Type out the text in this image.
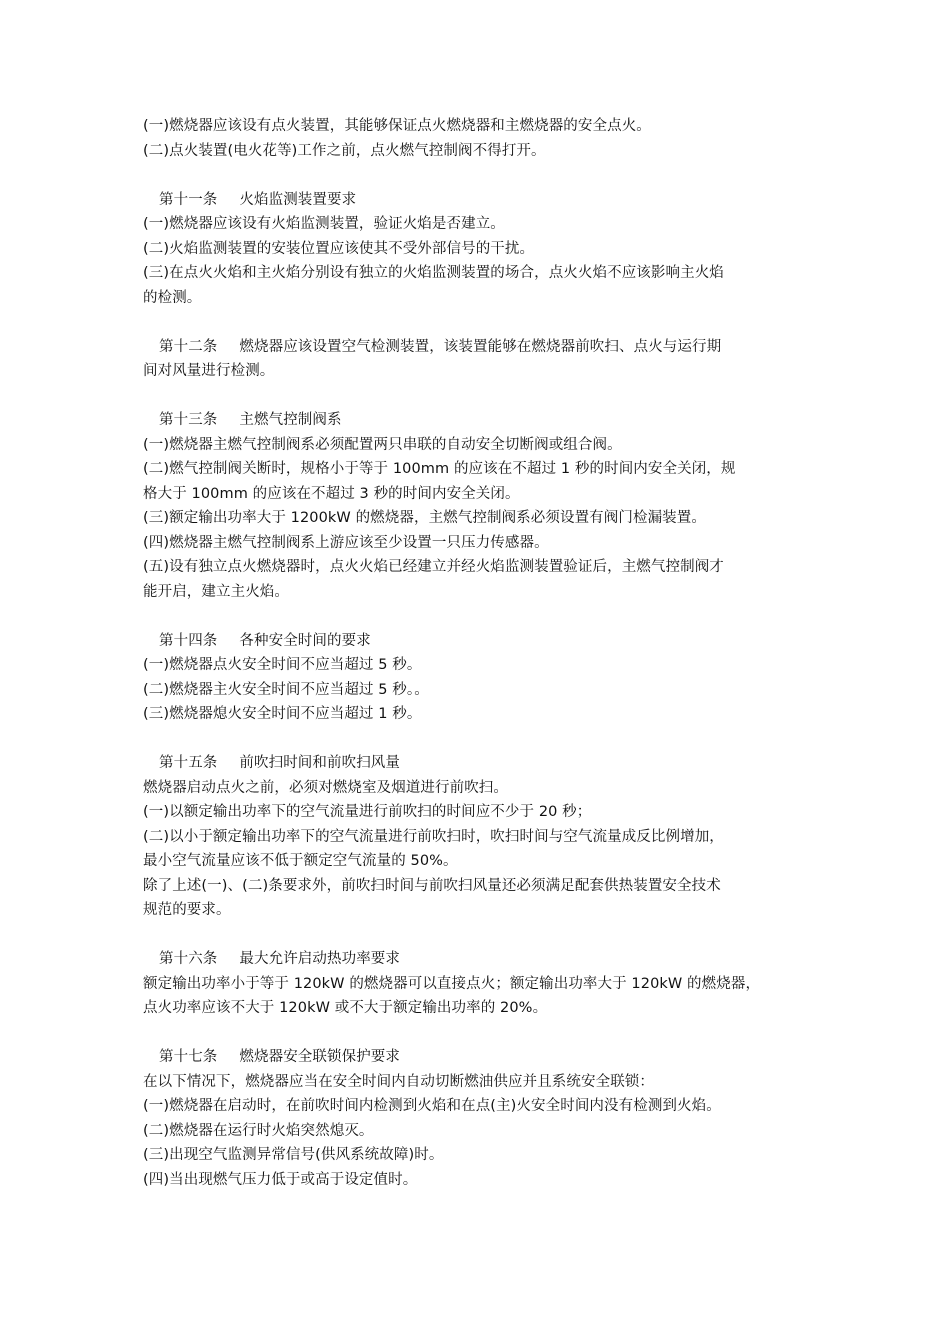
(一)燃烧器应该设有点火装置，其能够保证点火燃烧器和主燃烧器的安全点火。
(二)点火装置(电火花等)工作之前，点火燃气控制阀不得打开。
第十一条 火焰监测装置要求
(一)燃烧器应该设有火焰监测装置，验证火焰是否建立。
(二)火焰监测装置的安装位置应该使其不受外部信号的干扰。
(三)在点火火焰和主火焰分别设有独立的火焰监测装置的场合，点火火焰不应该影响主火焰
的检测。
第十二条 燃烧器应该设置空气检测装置，该装置能够在燃烧器前吹扫、点火与运行期
间对风量进行检测。
第十三条 主燃气控制阀系
(一)燃烧器主燃气控制阀系必须配置两只串联的自动安全切断阀或组合阀。
(二)燃气控制阀关断时，规格小于等于 100mm 的应该在不超过 1 秒的时间内安全关闭，规
格大于 100mm 的应该在不超过 3 秒的时间内安全关闭。
(三)额定输出功率大于 1200kW 的燃烧器，主燃气控制阀系必须设置有阀门检漏装置。
(四)燃烧器主燃气控制阀系上游应该至少设置一只压力传感器。
(五)设有独立点火燃烧器时，点火火焰已经建立并经火焰监测装置验证后，主燃气控制阀才
能开启，建立主火焰。
第十四条 各种安全时间的要求
(一)燃烧器点火安全时间不应当超过 5 秒。
(二)燃烧器主火安全时间不应当超过 5 秒。。
(三)燃烧器熄火安全时间不应当超过 1 秒。
第十五条 前吹扫时间和前吹扫风量
燃烧器启动点火之前，必须对燃烧室及烟道进行前吹扫。
(一)以额定输出功率下的空气流量进行前吹扫的时间应不少于 20 秒；
(二)以小于额定输出功率下的空气流量进行前吹扫时，吹扫时间与空气流量成反比例增加，
最小空气流量应该不低于额定空气流量的 50%。
除了上述(一)、(二)条要求外，前吹扫时间与前吹扫风量还必须满足配套供热装置安全技术
规范的要求。
第十六条 最大允许启动热功率要求
额定输出功率小于等于 120kW 的燃烧器可以直接点火；额定输出功率大于 120kW 的燃烧器，
点火功率应该不大于 120kW 或不大于额定输出功率的 20%。
第十七条 燃烧器安全联锁保护要求
在以下情况下，燃烧器应当在安全时间内自动切断燃油供应并且系统安全联锁：
(一)燃烧器在启动时，在前吹时间内检测到火焰和在点(主)火安全时间内没有检测到火焰。
(二)燃烧器在运行时火焰突然熄灭。
(三)出现空气监测异常信号(供风系统故障)时。
(四)当出现燃气压力低于或高于设定值时。
